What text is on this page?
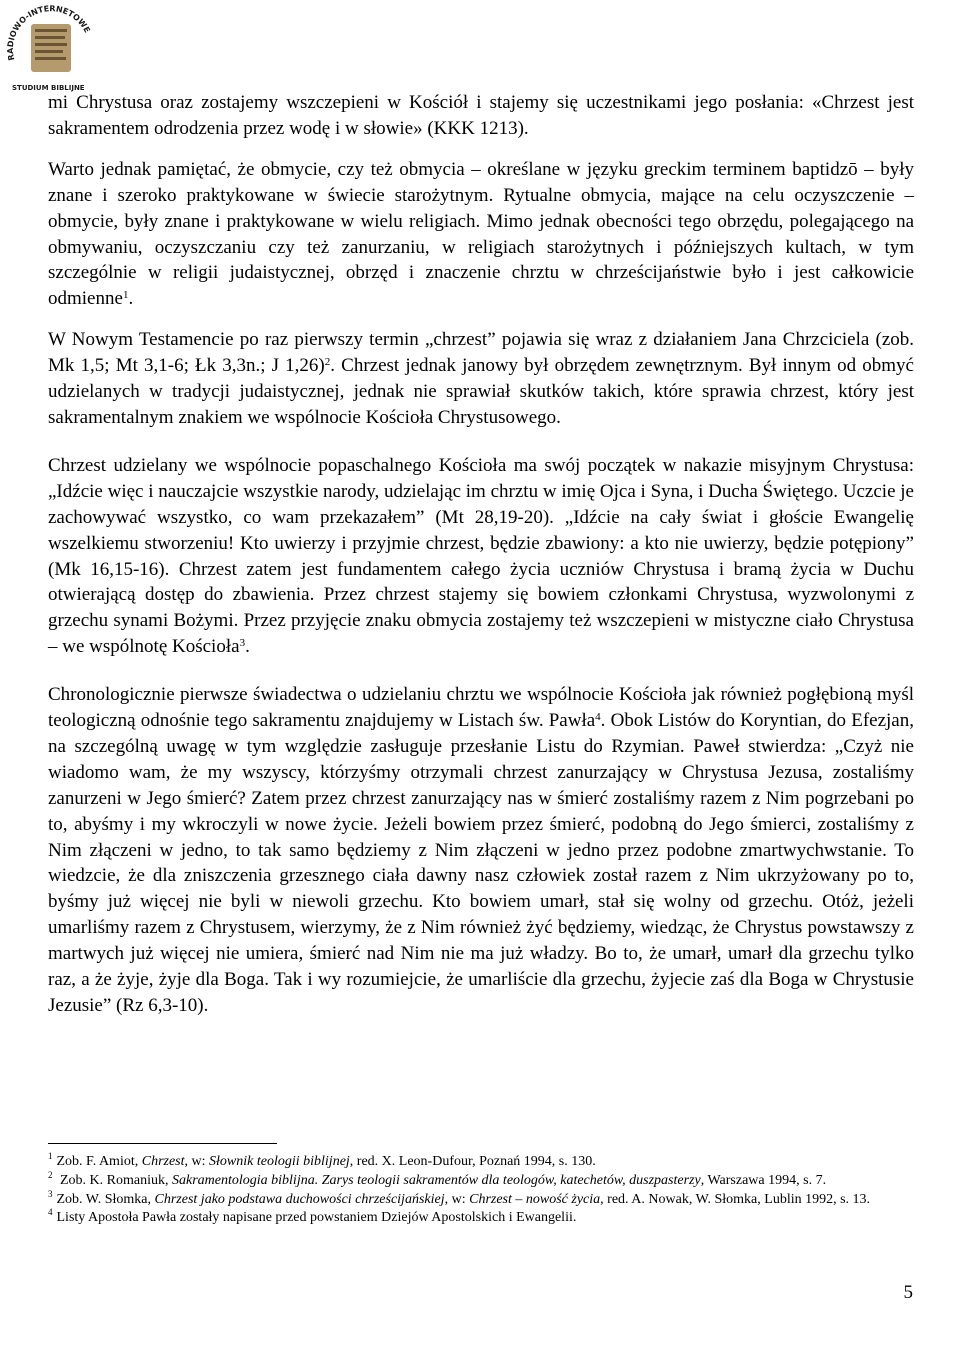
RADIOWO-INTERNETOWE
STUDIUM BIBLIJNE

mi Chrystusa oraz zostajemy wszczepieni w Kościół i stajemy się uczestnikami jego posłania: «Chrzest jest sakramentem odrodzenia przez wodę i w słowie» (KKK 1213).

Warto jednak pamiętać, że obmycie, czy też obmycia – określane w języku greckim terminem baptidzō – były znane i szeroko praktykowane w świecie starożytnym. Rytualne obmycia, mające na celu oczyszczenie – obmycie, były znane i praktykowane w wielu religiach. Mimo jednak obecności tego obrzędu, polegającego na obmywaniu, oczyszczaniu czy też zanurzaniu, w religiach starożytnych i późniejszych kultach, w tym szczególnie w religii judaistycznej, obrzęd i znaczenie chrztu w chrześcijaństwie było i jest całkowicie odmienne$^1$.

W Nowym Testamencie po raz pierwszy termin „chrzest” pojawia się wraz z działaniem Jana Chrzciciela (zob. Mk 1,5; Mt 3,1-6; Łk 3,3n.; J 1,26)$^2$. Chrzest jednak janowy był obrzędem zewnętrznym. Był innym od obmyć udzielanych w tradycji judaistycznej, jednak nie sprawiał skutków takich, które sprawia chrzest, który jest sakramentalnym znakiem we wspólnocie Kościoła Chrystusowego.

Chrzest udzielany we wspólnocie popaschalnego Kościoła ma swój początek w nakazie misyjnym Chrystusa: „Idźcie więc i nauczajcie wszystkie narody, udzielając im chrztu w imię Ojca i Syna, i Ducha Świętego. Uczcie je zachowywać wszystko, co wam przekazałem” (Mt 28,19-20). „Idźcie na cały świat i głoście Ewangelię wszelkiemu stworzeniu! Kto uwierzy i przyjmie chrzest, będzie zbawiony: a kto nie uwierzy, będzie potępiony” (Mk 16,15-16). Chrzest zatem jest fundamentem całego życia uczniów Chrystusa i bramą życia w Duchu otwierającą dostęp do zbawienia. Przez chrzest stajemy się bowiem członkami Chrystusa, wyzwolonymi z grzechu synami Bożymi. Przez przyjęcie znaku obmycia zostajemy też wszczepieni w mistyczne ciało Chrystusa – we wspólnotę Kościoła$^3$.

Chronologicznie pierwsze świadectwa o udzielaniu chrztu we wspólnocie Kościoła jak również pogłębioną myśl teologiczną odnośnie tego sakramentu znajdujemy w Listach św. Pawła$^4$. Obok Listów do Koryntian, do Efezjan, na szczególną uwagę w tym względzie zasługuje przesłanie Listu do Rzymian. Paweł stwierdza: „Czyż nie wiadomo wam, że my wszyscy, którzyśmy otrzymali chrzest zanurzający w Chrystusa Jezusa, zostaliśmy zanurzeni w Jego śmierć? Zatem przez chrzest zanurzający nas w śmierć zostaliśmy razem z Nim pogrzebani po to, abyśmy i my wkroczyli w nowe życie. Jeżeli bowiem przez śmierć, podobną do Jego śmierci, zostaliśmy z Nim złączeni w jedno, to tak samo będziemy z Nim złączeni w jedno przez podobne zmartwychwstanie. To wiedzcie, że dla zniszczenia grzesznego ciała dawny nasz człowiek został razem z Nim ukrzyżowany po to, byśmy już więcej nie byli w niewoli grzechu. Kto bowiem umarł, stał się wolny od grzechu. Otóż, jeżeli umarliśmy razem z Chrystusem, wierzymy, że z Nim również żyć będziemy, wiedząc, że Chrystus powstawszy z martwych już więcej nie umiera, śmierć nad Nim nie ma już władzy. Bo to, że umarł, umarł dla grzechu tylko raz, a że żyje, żyje dla Boga. Tak i wy rozumiejcie, że umarliście dla grzechu, żyjecie zaś dla Boga w Chrystusie Jezusie” (Rz 6,3-10).

$^1$ Zob. F. Amiot, Chrzest, w: Słownik teologii biblijnej, red. X. Leon-Dufour, Poznań 1994, s. 130.

$^2$ Zob. K. Romaniuk, Sakramentologia biblijna. Zarys teologii sakramentów dla teologów, katechetów, duszpasterzy, Warszawa 1994, s. 7.

$^3$ Zob. W. Słomka, Chrzest jako podstawa duchowości chrześcijańskiej, w: Chrzest – nowość życia, red. A. Nowak, W. Słomka, Lublin 1992, s. 13.

$^4$ Listy Apostoła Pawła zostały napisane przed powstaniem Dziejów Apostolskich i Ewangelii.

5
